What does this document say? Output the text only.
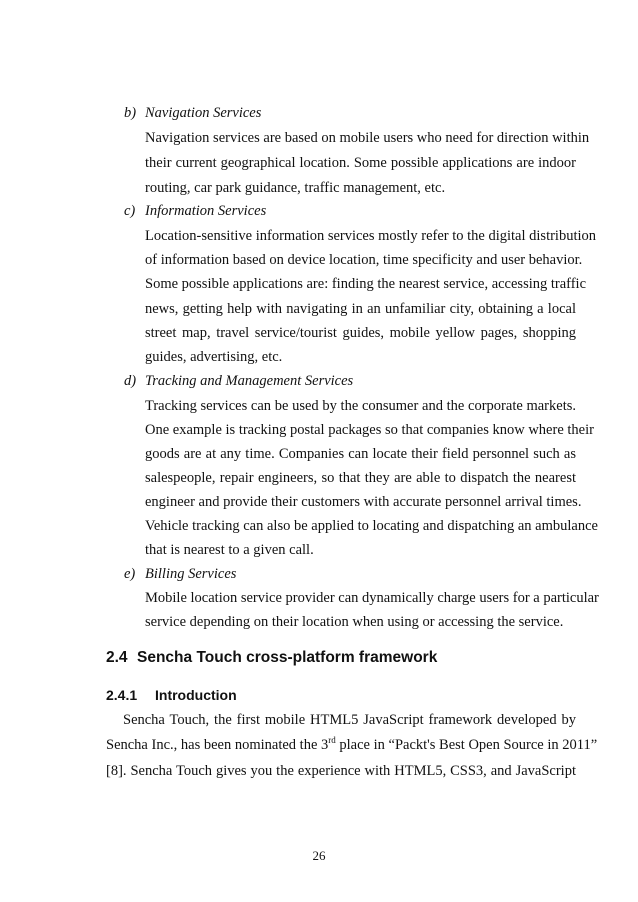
b) Navigation Services
Navigation services are based on mobile users who need for direction within
their current geographical location. Some possible applications are indoor
routing, car park guidance, traffic management, etc.
c) Information Services
Location-sensitive information services mostly refer to the digital distribution
of information based on device location, time specificity and user behavior.
Some possible applications are: finding the nearest service, accessing traffic
news, getting help with navigating in an unfamiliar city, obtaining a local
street map, travel service/tourist guides, mobile yellow pages, shopping
guides, advertising, etc.
d) Tracking and Management Services
Tracking services can be used by the consumer and the corporate markets.
One example is tracking postal packages so that companies know where their
goods are at any time. Companies can locate their field personnel such as
salespeople, repair engineers, so that they are able to dispatch the nearest
engineer and provide their customers with accurate personnel arrival times.
Vehicle tracking can also be applied to locating and dispatching an ambulance
that is nearest to a given call.
e) Billing Services
Mobile location service provider can dynamically charge users for a particular
service depending on their location when using or accessing the service.
2.4 Sencha Touch cross-platform framework
2.4.1 Introduction
Sencha Touch, the first mobile HTML5 JavaScript framework developed by
Sencha Inc., has been nominated the 3rd place in “Packt's Best Open Source in 2011”
[8]. Sencha Touch gives you the experience with HTML5, CSS3, and JavaScript
26
